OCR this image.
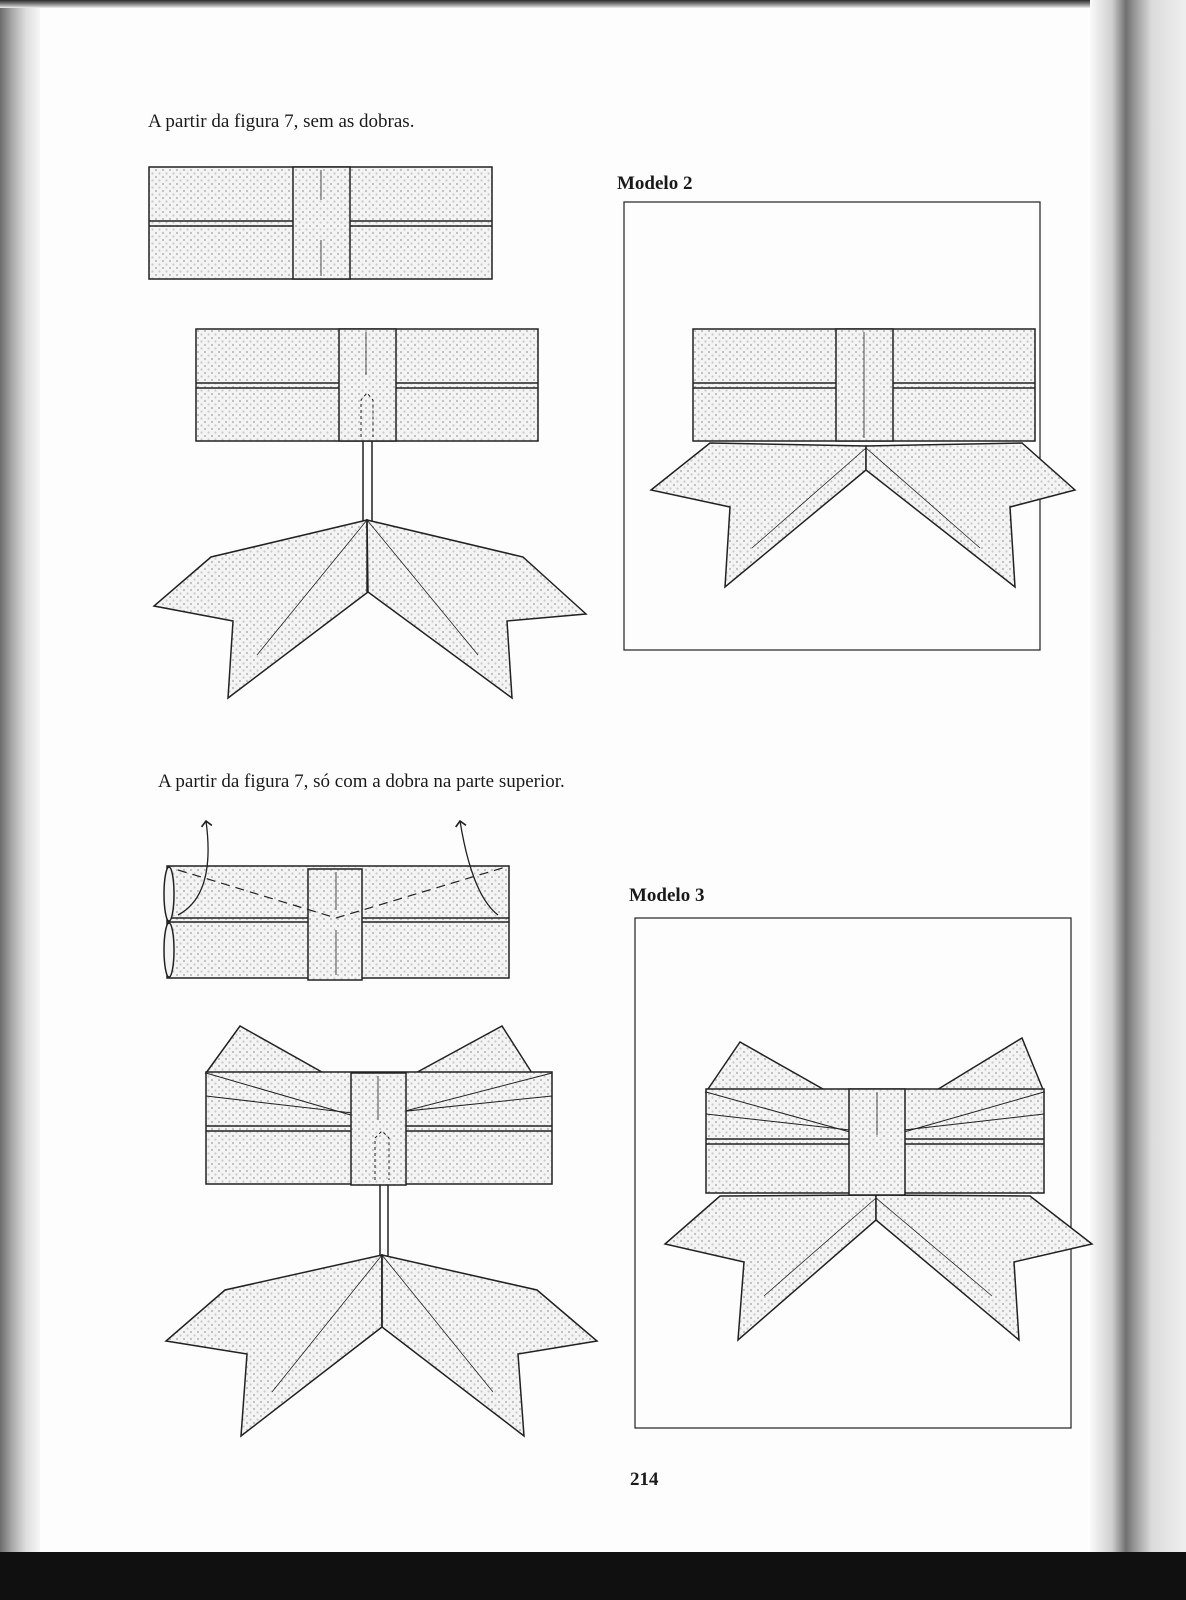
A partir da figura 7, sem as dobras.
Modelo 2
A partir da figura 7, só com a dobra na parte superior.
Modelo 3
214
